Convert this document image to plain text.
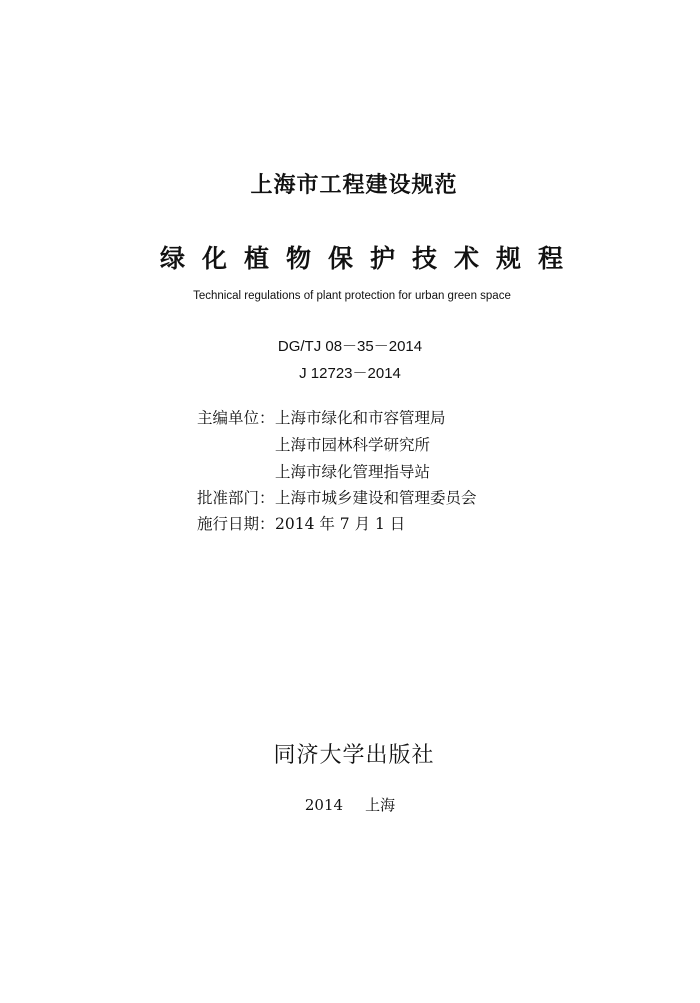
上海市工程建设规范
绿化植物保护技术规程
Technical regulations of plant protection for urban green space
DG/TJ 08－35－2014
J 12723－2014
主编单位：上海市绿化和市容管理局
上海市园林科学研究所
上海市绿化管理指导站
批准部门：上海市城乡建设和管理委员会
施行日期：2014 年 7 月 1 日
同济大学出版社
2014 上海
